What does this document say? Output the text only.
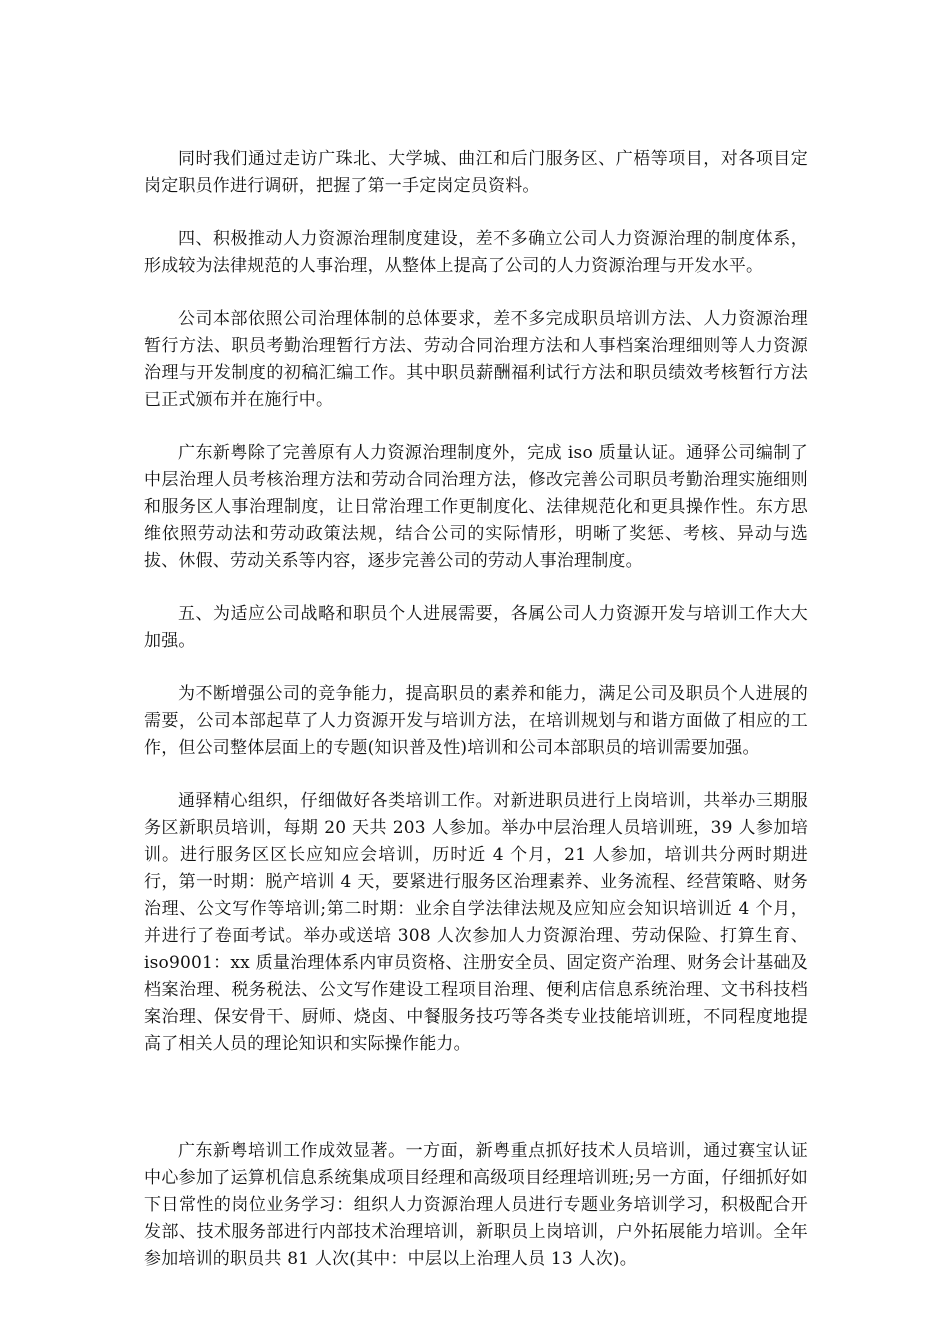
同时我们通过走访广珠北、大学城、曲江和后门服务区、广梧等项目，对各项目定岗定职员作进行调研，把握了第一手定岗定员资料。

四、积极推动人力资源治理制度建设，差不多确立公司人力资源治理的制度体系，形成较为法律规范的人事治理，从整体上提高了公司的人力资源治理与开发水平。

公司本部依照公司治理体制的总体要求，差不多完成职员培训方法、人力资源治理暂行方法、职员考勤治理暂行方法、劳动合同治理方法和人事档案治理细则等人力资源治理与开发制度的初稿汇编工作。其中职员薪酬福利试行方法和职员绩效考核暂行方法已正式颁布并在施行中。

广东新粤除了完善原有人力资源治理制度外，完成 iso 质量认证。通驿公司编制了中层治理人员考核治理方法和劳动合同治理方法，修改完善公司职员考勤治理实施细则和服务区人事治理制度，让日常治理工作更制度化、法律规范化和更具操作性。东方思维依照劳动法和劳动政策法规，结合公司的实际情形，明晰了奖惩、考核、异动与选拔、休假、劳动关系等内容，逐步完善公司的劳动人事治理制度。

五、为适应公司战略和职员个人进展需要，各属公司人力资源开发与培训工作大大加强。

为不断增强公司的竞争能力，提高职员的素养和能力，满足公司及职员个人进展的需要，公司本部起草了人力资源开发与培训方法，在培训规划与和谐方面做了相应的工作，但公司整体层面上的专题(知识普及性)培训和公司本部职员的培训需要加强。

通驿精心组织，仔细做好各类培训工作。对新进职员进行上岗培训，共举办三期服务区新职员培训，每期 20 天共 203 人参加。举办中层治理人员培训班，39 人参加培训。进行服务区区长应知应会培训，历时近 4 个月，21 人参加，培训共分两时期进行，第一时期：脱产培训 4 天，要紧进行服务区治理素养、业务流程、经营策略、财务治理、公文写作等培训;第二时期：业余自学法律法规及应知应会知识培训近 4 个月，并进行了卷面考试。举办或送培 308 人次参加人力资源治理、劳动保险、打算生育、iso9001：xx 质量治理体系内审员资格、注册安全员、固定资产治理、财务会计基础及档案治理、税务税法、公文写作建设工程项目治理、便利店信息系统治理、文书科技档案治理、保安骨干、厨师、烧卤、中餐服务技巧等各类专业技能培训班，不同程度地提高了相关人员的理论知识和实际操作能力。

广东新粤培训工作成效显著。一方面，新粤重点抓好技术人员培训，通过赛宝认证中心参加了运算机信息系统集成项目经理和高级项目经理培训班;另一方面，仔细抓好如下日常性的岗位业务学习：组织人力资源治理人员进行专题业务培训学习，积极配合开发部、技术服务部进行内部技术治理培训，新职员上岗培训，户外拓展能力培训。全年参加培训的职员共 81 人次(其中：中层以上治理人员 13 人次)。
